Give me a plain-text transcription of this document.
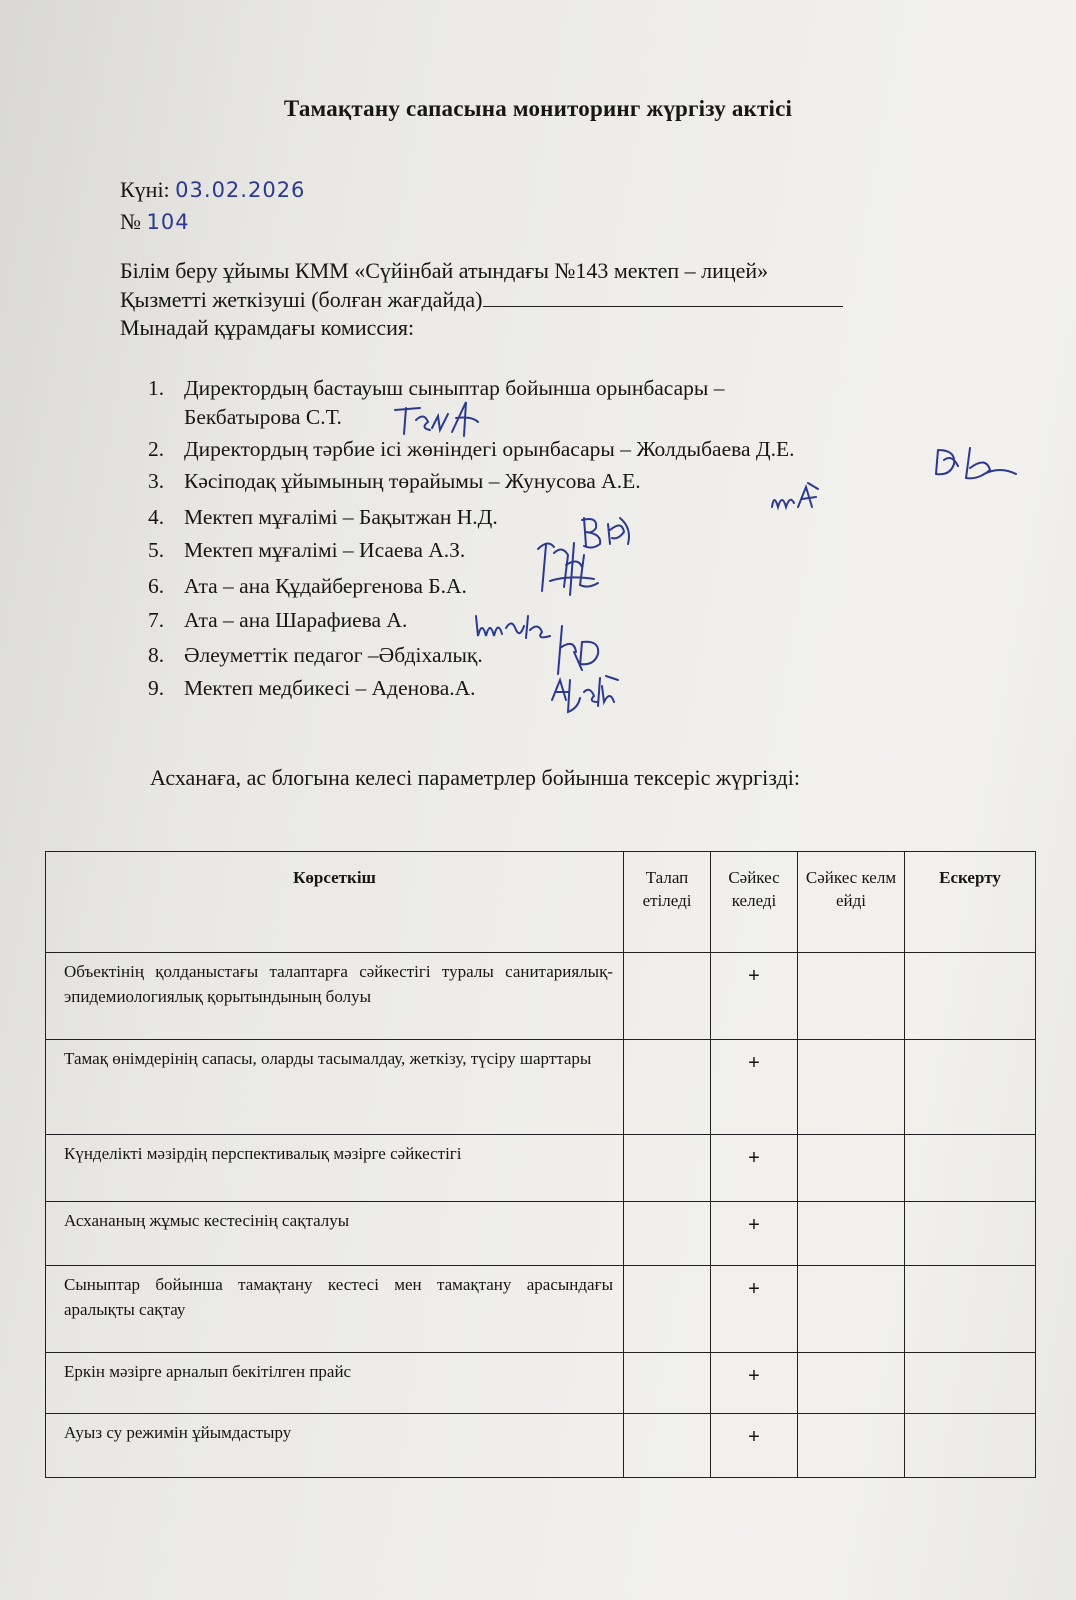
Тамақтану сапасына мониторинг жүргізу актісі
Күні: 03.02.2026
№ 104
Білім беру ұйымы КММ «Сүйінбай атындағы №143 мектеп – лицей»
Қызметті жеткізуші (болған жағдайда)
Мынадай құрамдағы комиссия:
1. Директордың бастауыш сыныптар бойынша орынбасары –
Бекбатырова С.Т.
2. Директордың тәрбие ісі жөніндегі орынбасары – Жолдыбаева Д.Е.
3. Кәсіподақ ұйымының төрайымы – Жунусова А.Е.
4. Мектеп мұғалімі – Бақытжан Н.Д.
5. Мектеп мұғалімі – Исаева А.З.
6. Ата – ана Құдайбергенова Б.А.
7. Ата – ана Шарафиева А.
8. Әлеуметтік педагог –Әбдіхалық.
9. Мектеп медбикесі – Аденова.А.
Асханаға, ас блогына келесі параметрлер бойынша тексеріс жүргізді:
Көрсеткіш	Талап етіледі	Сәйкес келеді	Сәйкес келмейді	Ескерту
Объектінің қолданыстағы талаптарға сәйкестігі туралы санитариялық-эпидемиологиялық қорытындының болуы		+		
Тамақ өнімдерінің сапасы, оларды тасымалдау, жеткізу, түсіру шарттары		+		
Күнделікті мәзірдің перспективалық мәзірге сәйкестігі		+		
Асхананың жұмыс кестесінің сақталуы		+		
Сыныптар бойынша тамақтану кестесі мен тамақтану арасындағы аралықты сақтау		+		
Еркін мәзірге арналып бекітілген прайс		+		
Ауыз су режимін ұйымдастыру		+		
